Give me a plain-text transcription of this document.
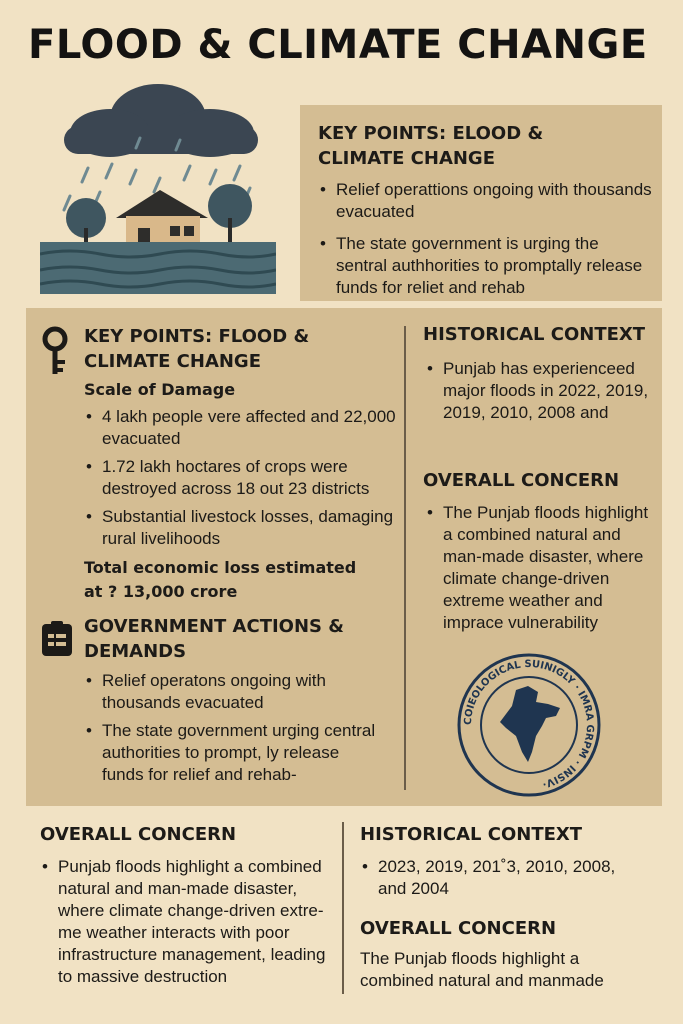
FLOOD & CLIMATE CHANGE
KEY POINTS: ELOOD & CLIMATE CHANGE
• Relief operattions ongoing with thousands evacuated
• The state government is urging the sentral authhorities to promptally release funds for reliet and rehab
KEY POINTS: FLOOD & CLIMATE CHANGE
Scale of Damage
• 4 lakh people vere affected and 22,000 evacuated
• 1.72 lakh hoctares of crops were destroyed across 18 out 23 districts
• Substantial livestock losses, damaging rural livelihoods
Total economic loss estimated at ? 13,000 crore
GOVERNMENT ACTIONS & DEMANDS
• Relief operatons ongoing with thousands evacuated
• The state government urging central authorities to prompt, ly release funds for relief and rehab-
HISTORICAL CONTEXT
• Punjab has experienceed major floods in 2022, 2019, 2019, 2010, 2008 and
OVERALL CONCERN
• The Punjab floods highlight a combined natural and man-made disaster, where climate change-driven extreme weather and imprace vulnerability
COIEOLOGICAL SUINIGLY · IMRA GRPM · INSIV·
OVERALL CONCERN
• Punjab floods highlight a combined natural and man-made disaster, where climate change-driven extre-me weather interacts with poor infrastructure management, leading to massive destruction
HISTORICAL CONTEXT
• 2023, 2019, 201˚3, 2010, 2008, and 2004
OVERALL CONCERN
The Punjab floods highlight a combined natural and manmade
